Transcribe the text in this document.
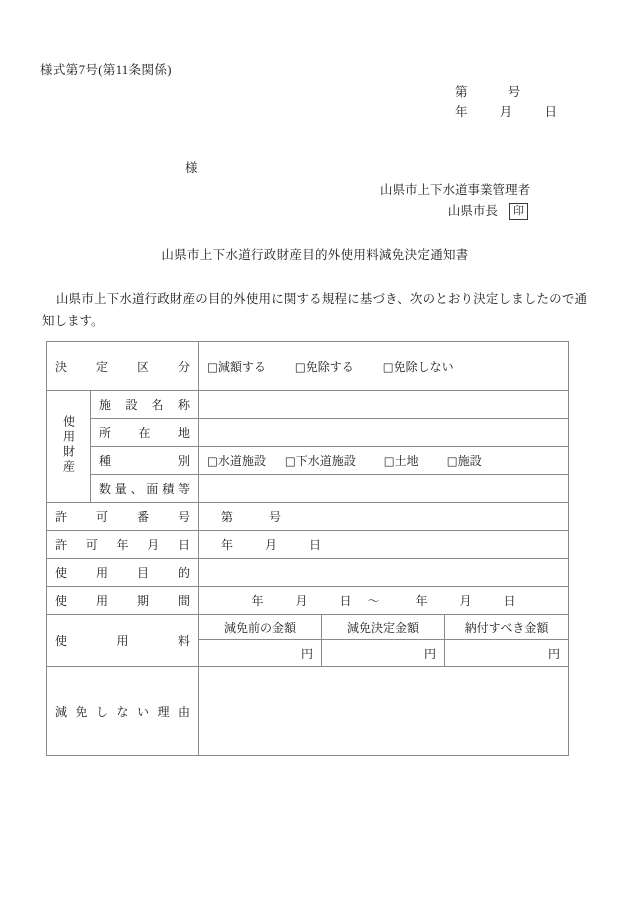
様式第7号(第11条関係)
第	号
年	月	日
様
山県市上下水道事業管理者
山県市長 印
山県市上下水道行政財産目的外使用料減免決定通知書
山県市上下水道行政財産の目的外使用に関する規程に基づき、次のとおり決定しましたので通知します。
決定区分		□減額する □免除する □免除しない		
使用財産	施設名称			
	所在地			
	種別	□水道施設 □下水道施設 □土地 □施設		
	数量、面積等			
許可番号		第 号		
許可年月日		年 月 日		
使用目的				
使用期間		年 月 日 ～ 年 月 日		
使用料		減免前の金額	減免決定金額	納付すべき金額
		円	円	円
減免しない理由				
